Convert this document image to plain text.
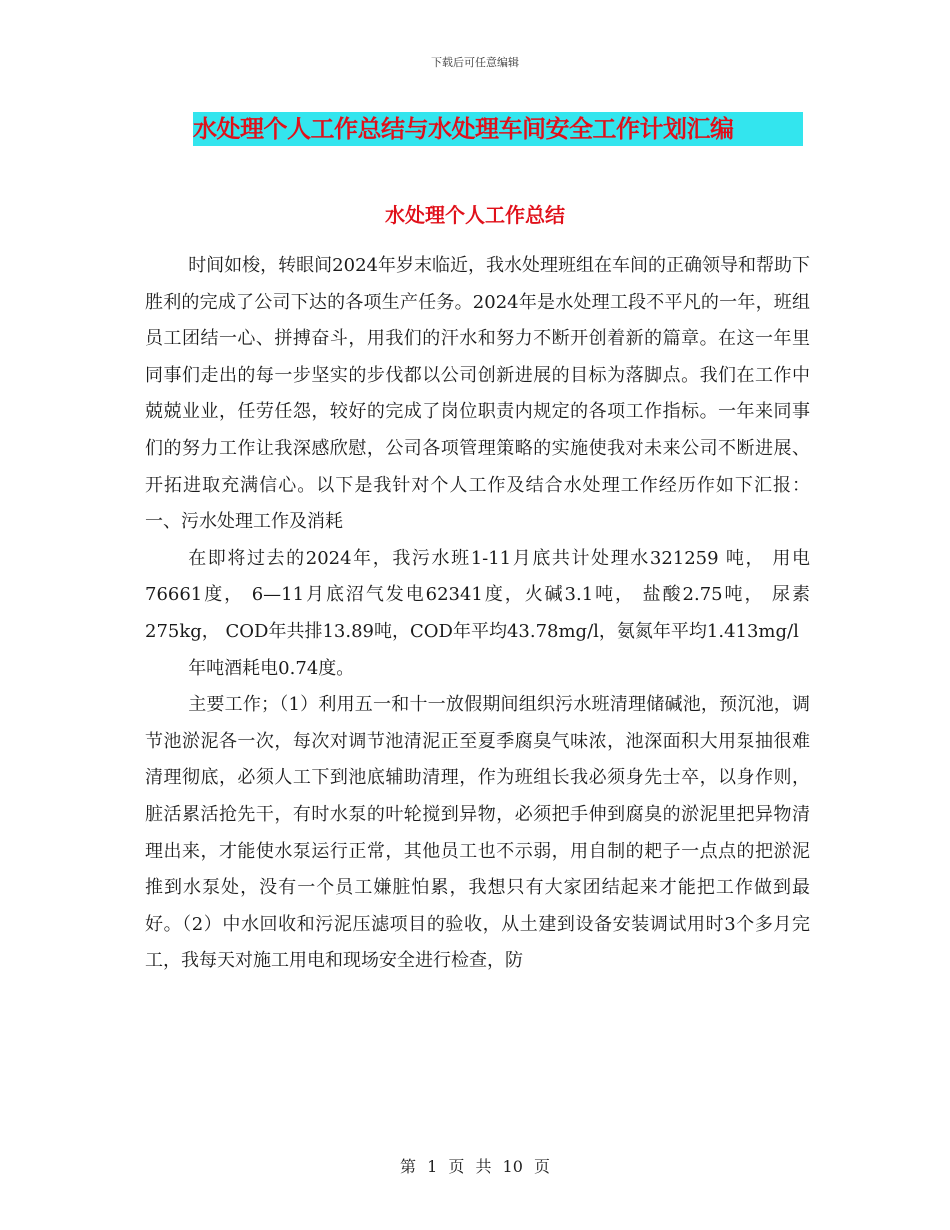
下载后可任意编辑
水处理个人工作总结与水处理车间安全工作计划汇编
水处理个人工作总结

时间如梭，转眼间2024年岁末临近，我水处理班组在车间的正确领导和帮助下胜利的完成了公司下达的各项生产任务。2024年是水处理工段不平凡的一年，班组员工团结一心、拼搏奋斗，用我们的汗水和努力不断开创着新的篇章。在这一年里同事们走出的每一步坚实的步伐都以公司创新进展的目标为落脚点。我们在工作中兢兢业业，任劳任怨，较好的完成了岗位职责内规定的各项工作指标。一年来同事们的努力工作让我深感欣慰，公司各项管理策略的实施使我对未来公司不断进展、开拓进取充满信心。以下是我针对个人工作及结合水处理工作经历作如下汇报：一、污水处理工作及消耗

在即将过去的2024年，我污水班1-11月底共计处理水321259 吨， 用电76661度， 6—11月底沼气发电62341度，火碱3.1吨， 盐酸2.75吨， 尿素275kg， COD年共排13.89吨，COD年平均43.78mg/l，氨氮年平均1.413mg/l

年吨酒耗电0.74度。

主要工作；（1）利用五一和十一放假期间组织污水班清理储碱池，预沉池，调节池淤泥各一次，每次对调节池清泥正至夏季腐臭气味浓，池深面积大用泵抽很难清理彻底，必须人工下到池底辅助清理，作为班组长我必须身先士卒，以身作则，脏活累活抢先干，有时水泵的叶轮搅到异物，必须把手伸到腐臭的淤泥里把异物清理出来，才能使水泵运行正常，其他员工也不示弱，用自制的耙子一点点的把淤泥推到水泵处，没有一个员工嫌脏怕累，我想只有大家团结起来才能把工作做到最好。（2）中水回收和污泥压滤项目的验收，从土建到设备安装调试用时3个多月完工，我每天对施工用电和现场安全进行检查，防

第 1 页 共 10 页
